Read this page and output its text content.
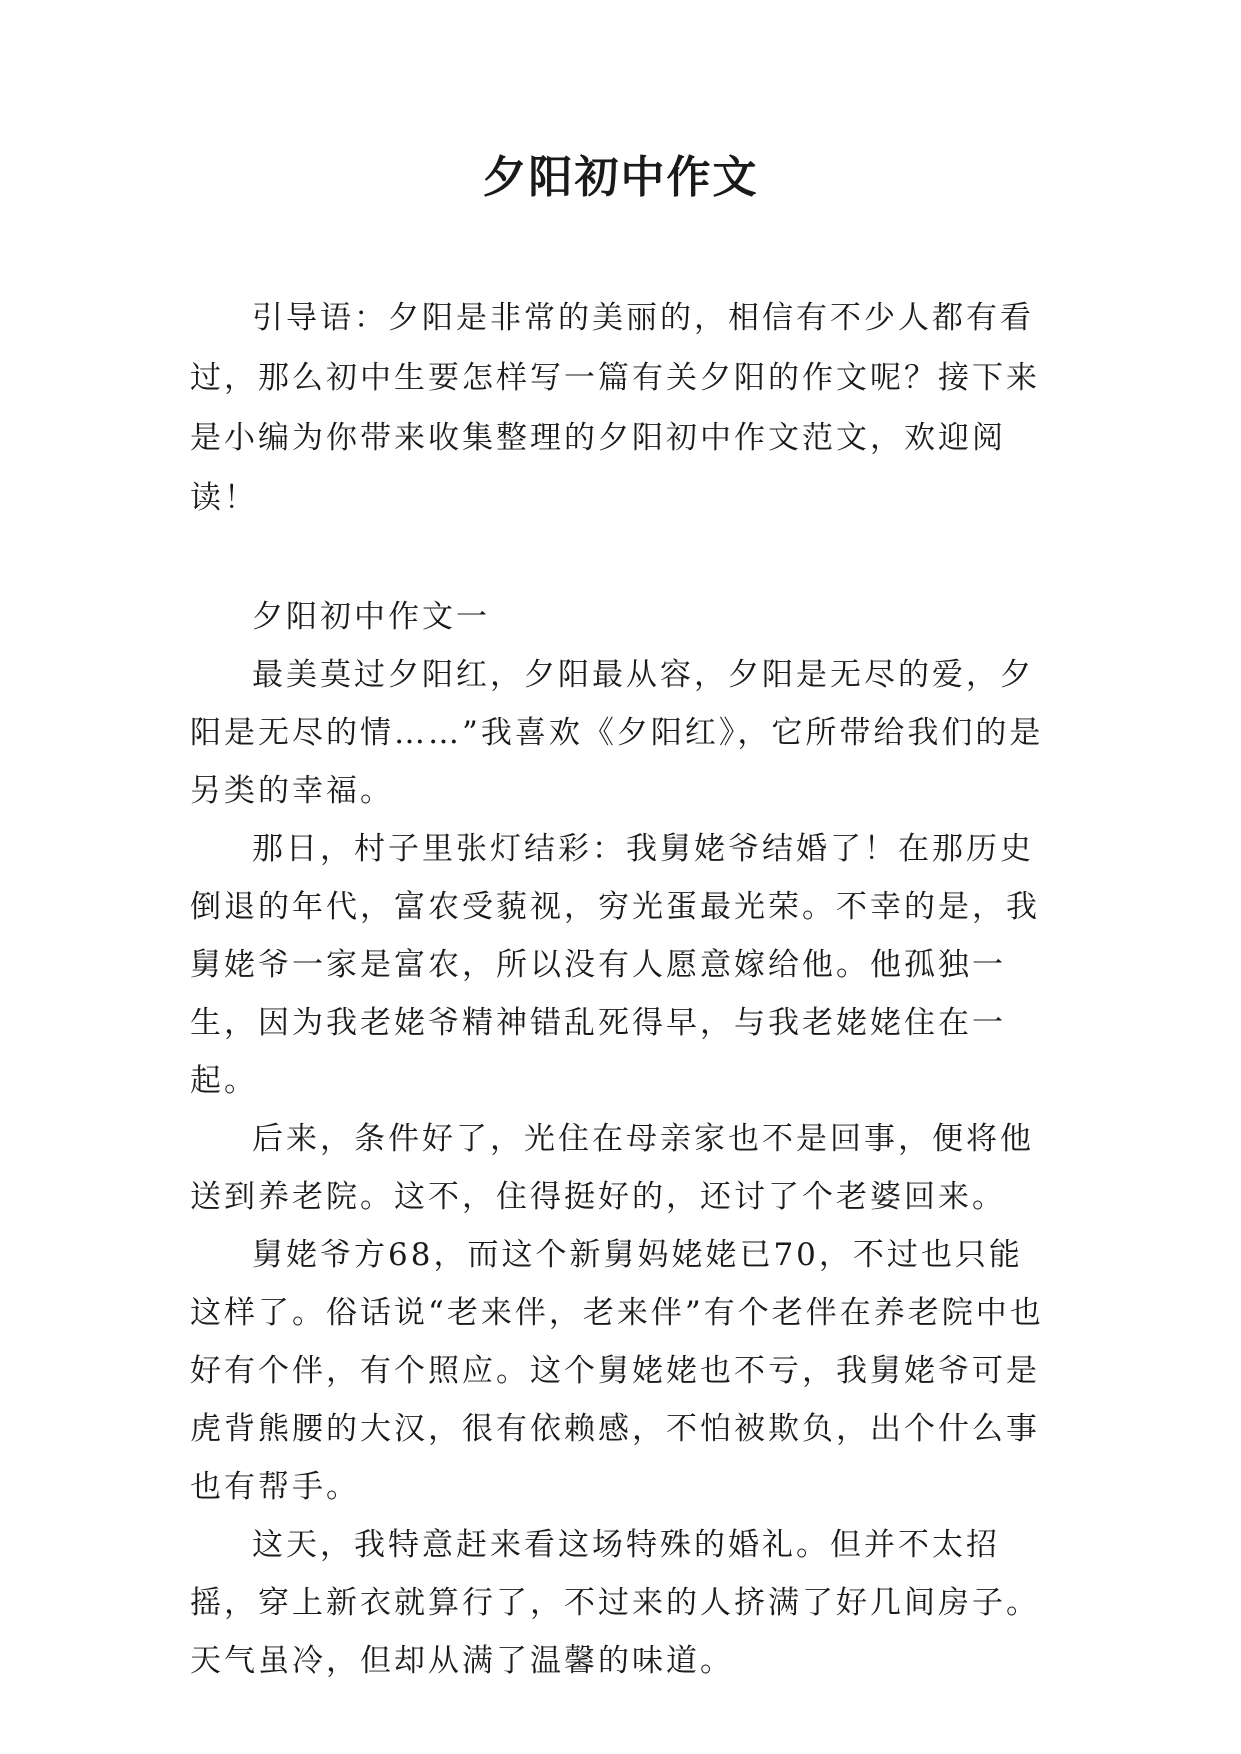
夕阳初中作文

引导语：夕阳是非常的美丽的，相信有不少人都有看过，那么初中生要怎样写一篇有关夕阳的作文呢？接下来是小编为你带来收集整理的夕阳初中作文范文，欢迎阅读！

夕阳初中作文一

最美莫过夕阳红，夕阳最从容，夕阳是无尽的爱，夕阳是无尽的情……”我喜欢《夕阳红》，它所带给我们的是另类的幸福。

那日，村子里张灯结彩：我舅姥爷结婚了！在那历史倒退的年代，富农受藐视，穷光蛋最光荣。不幸的是，我舅姥爷一家是富农，所以没有人愿意嫁给他。他孤独一生，因为我老姥爷精神错乱死得早，与我老姥姥住在一起。

后来，条件好了，光住在母亲家也不是回事，便将他送到养老院。这不，住得挺好的，还讨了个老婆回来。

舅姥爷方68，而这个新舅妈姥姥已70，不过也只能这样了。俗话说“老来伴，老来伴”有个老伴在养老院中也好有个伴，有个照应。这个舅姥姥也不亏，我舅姥爷可是虎背熊腰的大汉，很有依赖感，不怕被欺负，出个什么事也有帮手。

这天，我特意赶来看这场特殊的婚礼。但并不太招摇，穿上新衣就算行了，不过来的人挤满了好几间房子。天气虽冷，但却从满了温馨的味道。
